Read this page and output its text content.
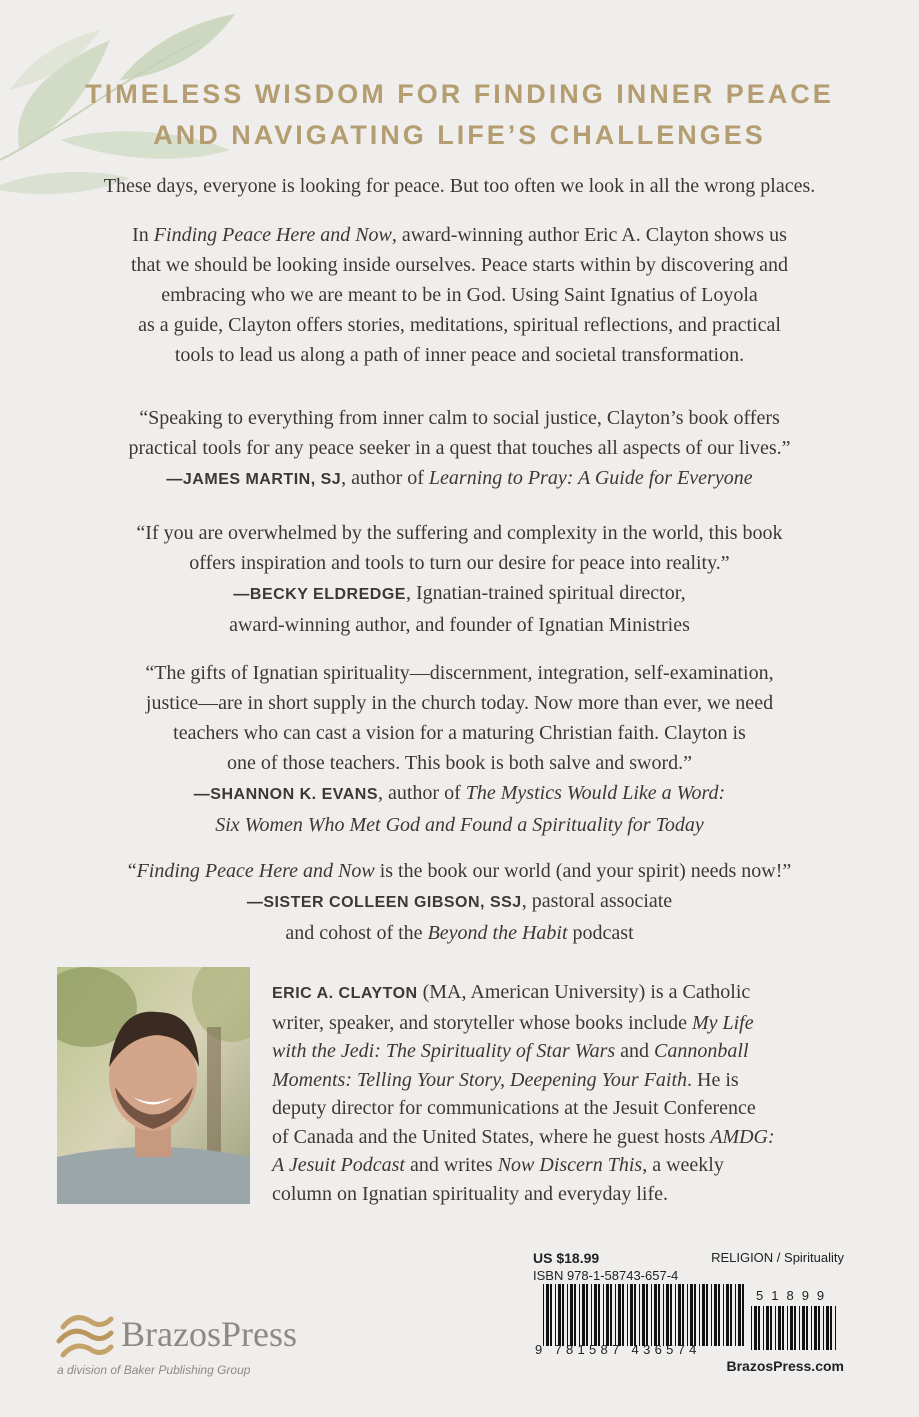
TIMELESS WISDOM FOR FINDING INNER PEACE
AND NAVIGATING LIFE’S CHALLENGES

These days, everyone is looking for peace. But too often we look in all the wrong places.

In Finding Peace Here and Now, award-winning author Eric A. Clayton shows us
that we should be looking inside ourselves. Peace starts within by discovering and
embracing who we are meant to be in God. Using Saint Ignatius of Loyola
as a guide, Clayton offers stories, meditations, spiritual reflections, and practical
tools to lead us along a path of inner peace and societal transformation.
“Speaking to everything from inner calm to social justice, Clayton’s book offers
practical tools for any peace seeker in a quest that touches all aspects of our lives.”
—JAMES MARTIN, SJ, author of Learning to Pray: A Guide for Everyone
“If you are overwhelmed by the suffering and complexity in the world, this book
offers inspiration and tools to turn our desire for peace into reality.”
—BECKY ELDREDGE, Ignatian-trained spiritual director,
award-winning author, and founder of Ignatian Ministries
“The gifts of Ignatian spirituality—discernment, integration, self-examination,
justice—are in short supply in the church today. Now more than ever, we need
teachers who can cast a vision for a maturing Christian faith. Clayton is
one of those teachers. This book is both salve and sword.”
—SHANNON K. EVANS, author of The Mystics Would Like a Word:
Six Women Who Met God and Found a Spirituality for Today
“Finding Peace Here and Now is the book our world (and your spirit) needs now!”
—SISTER COLLEEN GIBSON, SSJ, pastoral associate
and cohost of the Beyond the Habit podcast
ERIC A. CLAYTON (MA, American University) is a Catholic
writer, speaker, and storyteller whose books include My Life
with the Jedi: The Spirituality of Star Wars and Cannonball
Moments: Telling Your Story, Deepening Your Faith. He is
deputy director for communications at the Jesuit Conference
of Canada and the United States, where he guest hosts AMDG:
A Jesuit Podcast and writes Now Discern This, a weekly
column on Ignatian spirituality and everyday life.
BrazosPress
a division of Baker Publishing Group
US $18.99	RELIGION / Spirituality
ISBN 978-1-58743-657-4
9 781587 436574
51899
BrazosPress.com
